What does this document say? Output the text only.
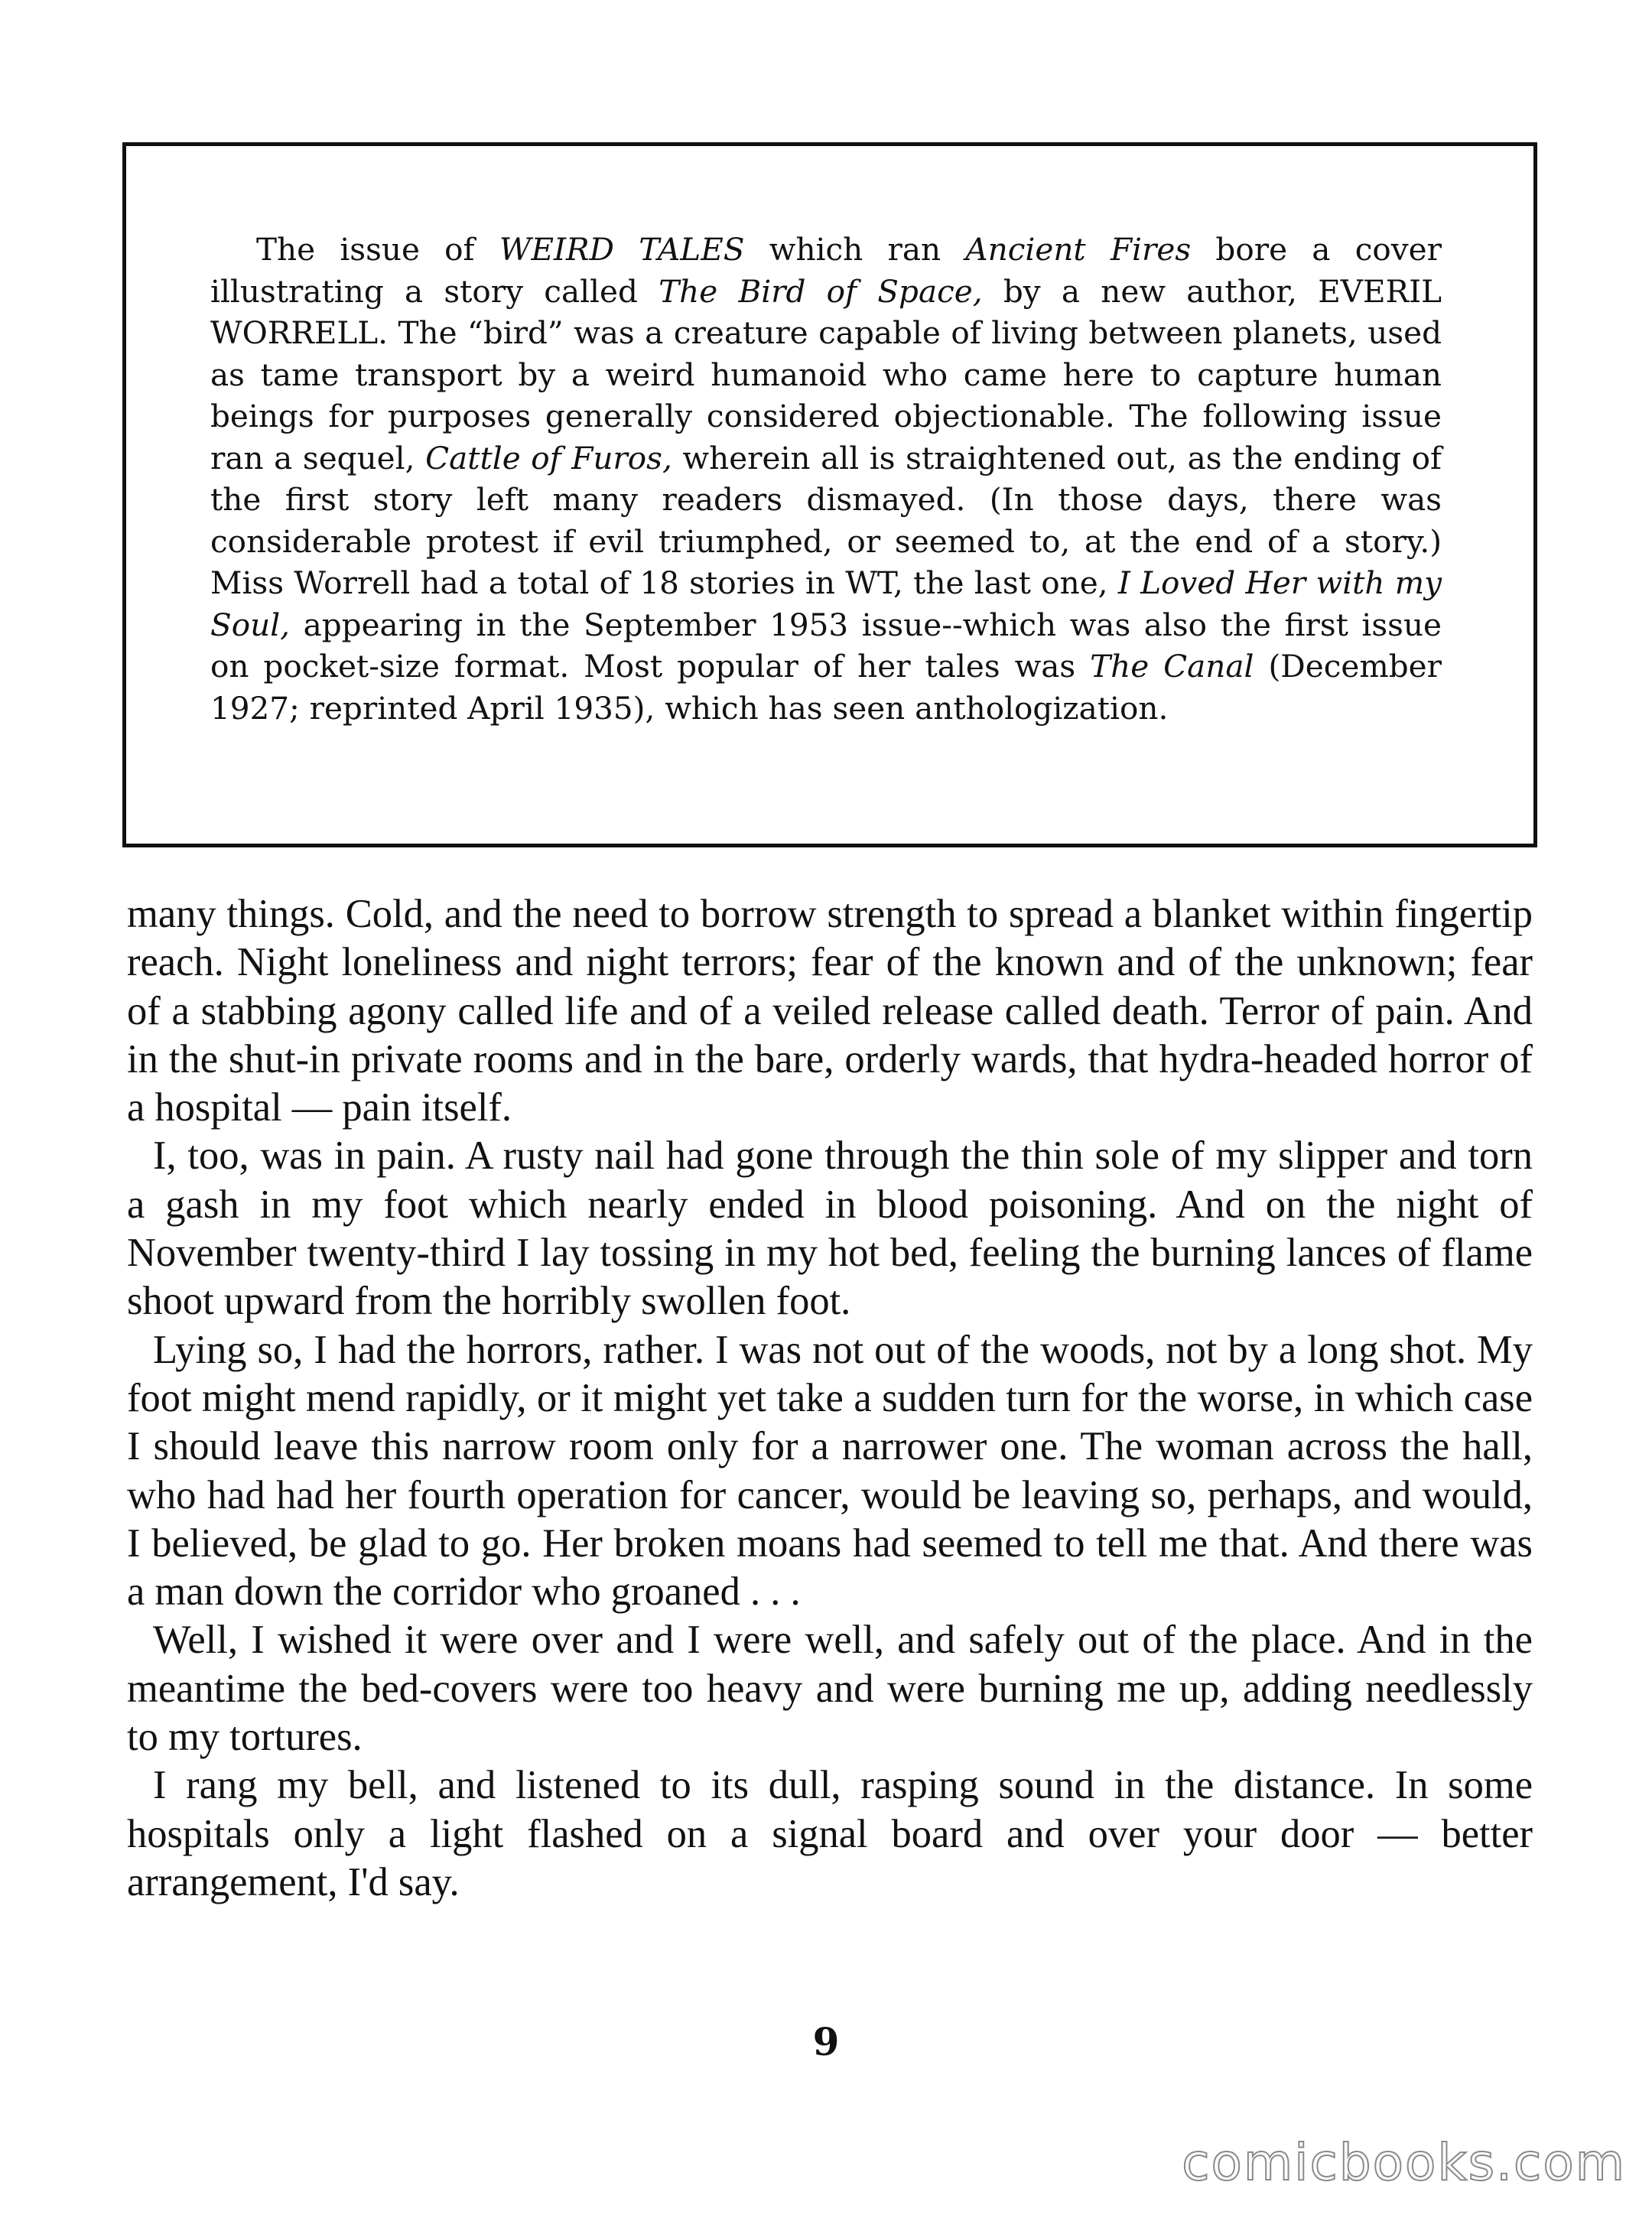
The issue of WEIRD TALES which ran Ancient Fires bore a cover illustrating a story called The Bird of Space, by a new author, EVERIL WORRELL. The “bird” was a creature capable of living between planets, used as tame transport by a weird humanoid who came here to capture human beings for purposes generally considered objectionable. The following issue ran a sequel, Cattle of Furos, wherein all is straightened out, as the ending of the first story left many readers dismayed. (In those days, there was considerable protest if evil triumphed, or seemed to, at the end of a story.) Miss Worrell had a total of 18 stories in WT, the last one, I Loved Her with my Soul, appearing in the September 1953 issue--which was also the first issue on pocket-size format. Most popular of her tales was The Canal (December 1927; reprinted April 1935), which has seen anthologization.

many things. Cold, and the need to borrow strength to spread a blanket within fingertip reach. Night loneliness and night terrors; fear of the known and of the unknown; fear of a stabbing agony called life and of a veiled release called death. Terror of pain. And in the shut-in private rooms and in the bare, orderly wards, that hydra-headed horror of a hospital — pain itself.

I, too, was in pain. A rusty nail had gone through the thin sole of my slipper and torn a gash in my foot which nearly ended in blood poisoning. And on the night of November twenty-third I lay tossing in my hot bed, feeling the burning lances of flame shoot upward from the horribly swollen foot.

Lying so, I had the horrors, rather. I was not out of the woods, not by a long shot. My foot might mend rapidly, or it might yet take a sudden turn for the worse, in which case I should leave this narrow room only for a narrower one. The woman across the hall, who had had her fourth operation for cancer, would be leaving so, perhaps, and would, I believed, be glad to go. Her broken moans had seemed to tell me that. And there was a man down the corridor who groaned . . .

Well, I wished it were over and I were well, and safely out of the place. And in the meantime the bed-covers were too heavy and were burning me up, adding needlessly to my tortures.

I rang my bell, and listened to its dull, rasping sound in the distance. In some hospitals only a light flashed on a signal board and over your door — better arrangement, I'd say.

9
comicbooks.com
